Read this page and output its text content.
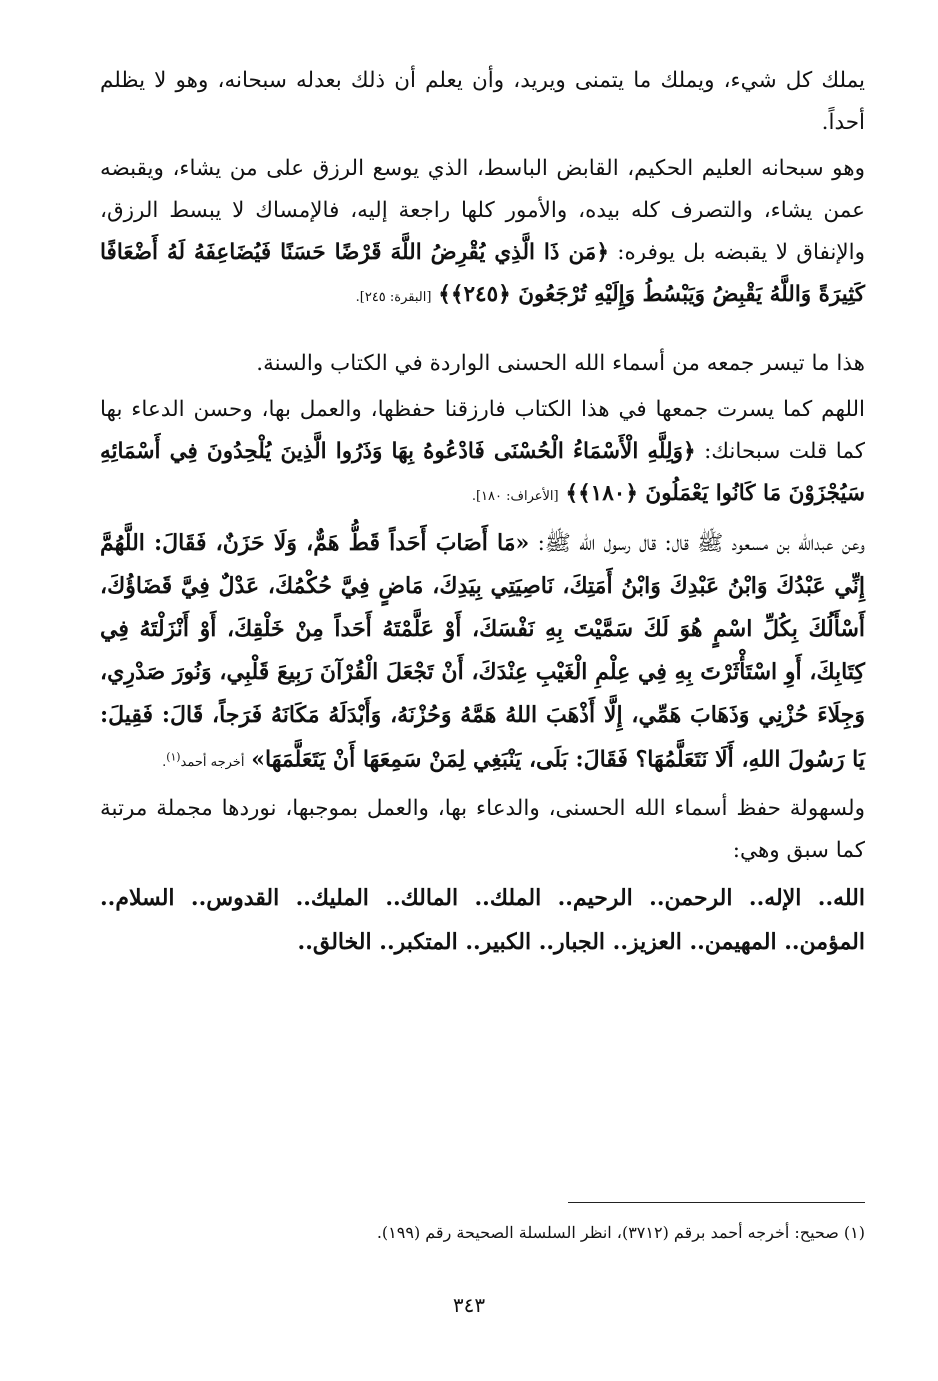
يملك كل شيء، ويملك ما يتمنى ويريد، وأن يعلم أن ذلك بعدله سبحانه، وهو لا يظلم أحداً.

وهو سبحانه العليم الحكيم، القابض الباسط، الذي يوسع الرزق على من يشاء، ويقبضه عمن يشاء، والتصرف كله بيده، والأمور كلها راجعة إليه، فالإمساك لا يبسط الرزق، والإنفاق لا يقبضه بل يوفره: ﴿مَن ذَا الَّذِي يُقْرِضُ اللَّهَ قَرْضًا حَسَنًا فَيُضَاعِفَهُ لَهُ أَضْعَافًا كَثِيرَةً وَاللَّهُ يَقْبِضُ وَيَبْسُطُ وَإِلَيْهِ تُرْجَعُونَ ﴿٢٤٥﴾﴾ [البقرة: ٢٤٥].

هذا ما تيسر جمعه من أسماء الله الحسنى الواردة في الكتاب والسنة.

اللهم كما يسرت جمعها في هذا الكتاب فارزقنا حفظها، والعمل بها، وحسن الدعاء بها كما قلت سبحانك: ﴿وَلِلَّهِ الْأَسْمَاءُ الْحُسْنَى فَادْعُوهُ بِهَا وَذَرُوا الَّذِينَ يُلْحِدُونَ فِي أَسْمَائِهِ سَيُجْزَوْنَ مَا كَانُوا يَعْمَلُونَ ﴿١٨٠﴾﴾ [الأعراف: ١٨٠].

وعن عبدالله بن مسعود ﷺ قال: قال رسول الله ﷺ: «مَا أَصَابَ أَحَداً قَطُّ هَمٌّ، وَلَا حَزَنٌ، فَقَالَ: اللَّهُمَّ إِنِّي عَبْدُكَ وَابْنُ عَبْدِكَ وَابْنُ أَمَتِكَ، نَاصِيَتِي بِيَدِكَ، مَاضٍ فِيَّ حُكْمُكَ، عَدْلٌ فِيَّ قَضَاؤُكَ، أَسْأَلُكَ بِكُلِّ اسْمٍ هُوَ لَكَ سَمَّيْتَ بِهِ نَفْسَكَ، أَوْ عَلَّمْتَهُ أَحَداً مِنْ خَلْقِكَ، أَوْ أَنْزَلْتَهُ فِي كِتَابِكَ، أَوِ اسْتَأْثَرْتَ بِهِ فِي عِلْمِ الْغَيْبِ عِنْدَكَ، أَنْ تَجْعَلَ الْقُرْآنَ رَبِيعَ قَلْبِي، وَنُورَ صَدْرِي، وَجِلَاءَ حُزْنِي وَذَهَابَ هَمِّي، إِلَّا أَذْهَبَ اللهُ هَمَّهُ وَحُزْنَهُ، وَأَبْدَلَهُ مَكَانَهُ فَرَجاً، قَالَ: فَقِيلَ: يَا رَسُولَ اللهِ، أَلَا نَتَعَلَّمُهَا؟ فَقَالَ: بَلَى، يَنْبَغِي لِمَنْ سَمِعَهَا أَنْ يَتَعَلَّمَهَا» أخرجه أحمد$^{(١)}$.

ولسهولة حفظ أسماء الله الحسنى، والدعاء بها، والعمل بموجبها، نوردها مجملة مرتبة كما سبق وهي:

الله.. الإله.. الرحمن.. الرحيم.. الملك.. المالك.. المليك.. القدوس.. السلام.. المؤمن.. المهيمن.. العزيز.. الجبار.. الكبير.. المتكبر.. الخالق..

(١) صحيح: أخرجه أحمد برقم (٣٧١٢)، انظر السلسلة الصحيحة رقم (١٩٩).
٣٤٣
